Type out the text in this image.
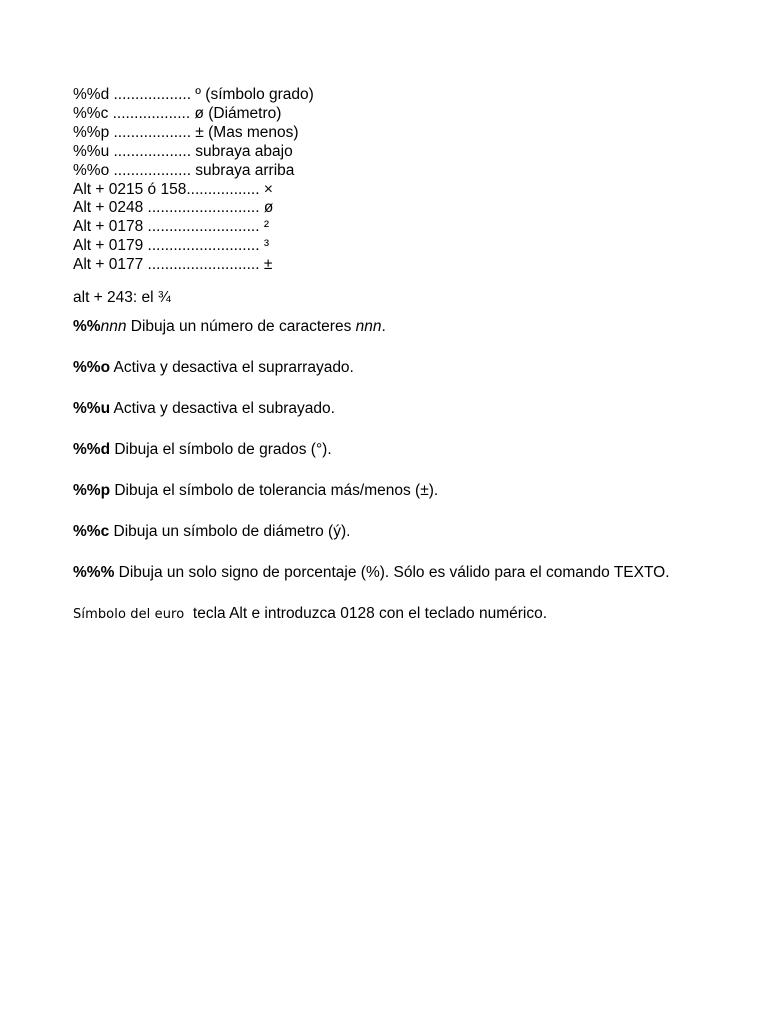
%%d .................. º (símbolo grado)
%%c .................. ø (Diámetro)
%%p .................. ± (Mas menos)
%%u .................. subraya abajo
%%o .................. subraya arriba
Alt + 0215 ó 158................. ×
Alt + 0248 .......................... ø
Alt + 0178 .......................... ²
Alt + 0179 .......................... ³
Alt + 0177 .......................... ±
alt + 243: el ¾
%%nnn Dibuja un número de caracteres nnn.
%%o Activa y desactiva el suprarrayado.
%%u Activa y desactiva el subrayado.
%%d Dibuja el símbolo de grados (°).
%%p Dibuja el símbolo de tolerancia más/menos (±).
%%c Dibuja un símbolo de diámetro (ý).
%%% Dibuja un solo signo de porcentaje (%). Sólo es válido para el comando TEXTO.
Símbolo del euro  tecla Alt e introduzca 0128 con el teclado numérico.
